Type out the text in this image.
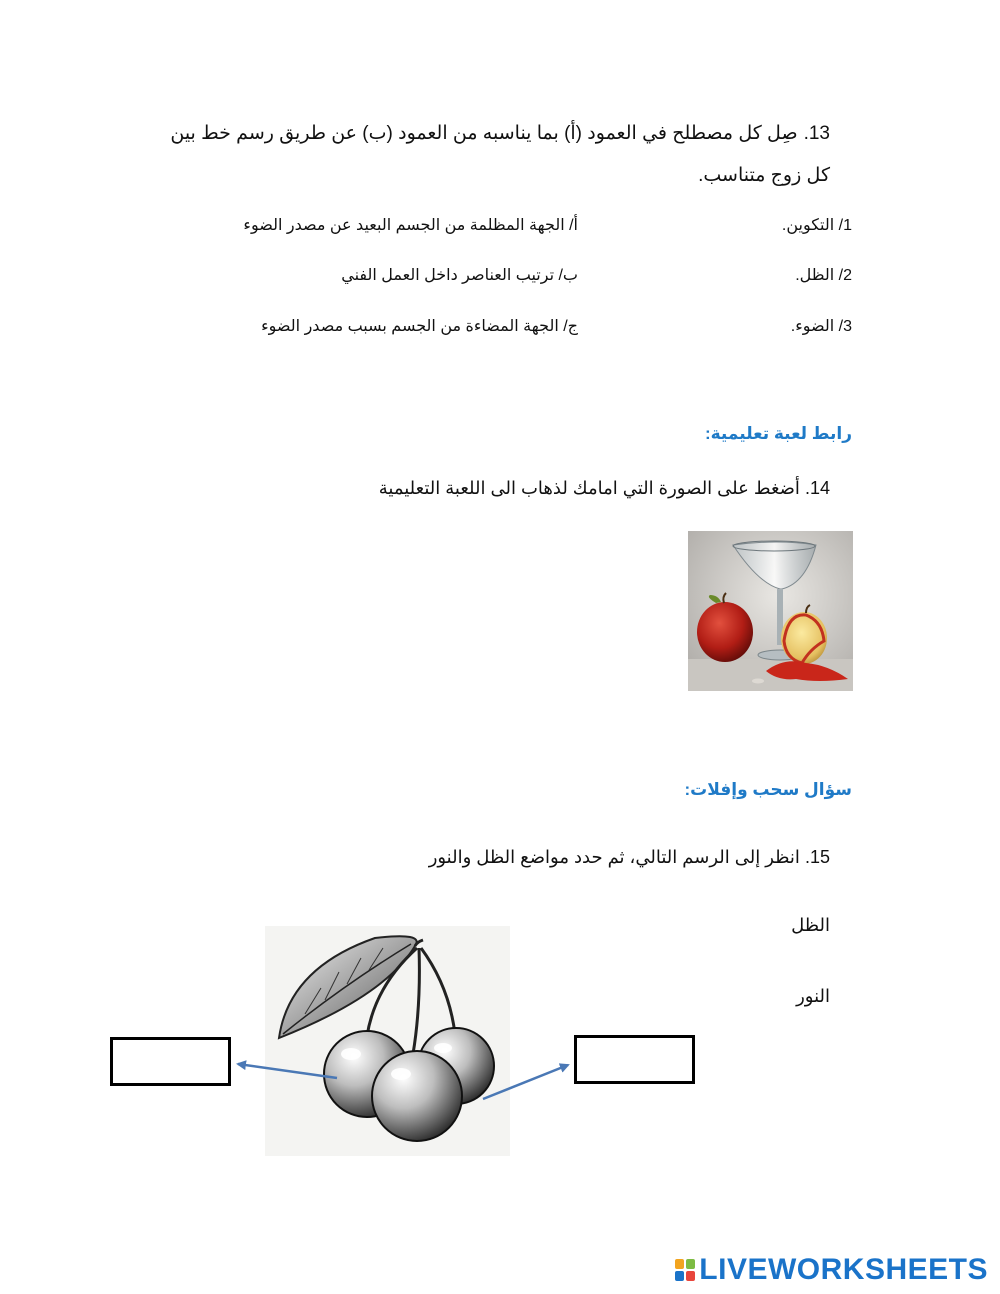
13.صِل كل مصطلح في العمود (أ) بما يناسبه من العمود (ب) عن طريق رسم خط بين كل زوج متناسب.
1/ التكوين.
2/ الظل.
3/ الضوء.
أ/ الجهة المظلمة من الجسم البعيد عن مصدر الضوء
ب/ ترتيب العناصر داخل العمل الفني
ج/ الجهة المضاءة من الجسم بسبب مصدر الضوء
رابط لعبة تعليمية:
14. أضغط على الصورة التي امامك لذهاب الى اللعبة التعليمية
سؤال سحب وإفلات:
15. انظر إلى الرسم التالي، ثم حدد مواضع الظل والنور
الظل
النور
LIVEWORKSHEETS
